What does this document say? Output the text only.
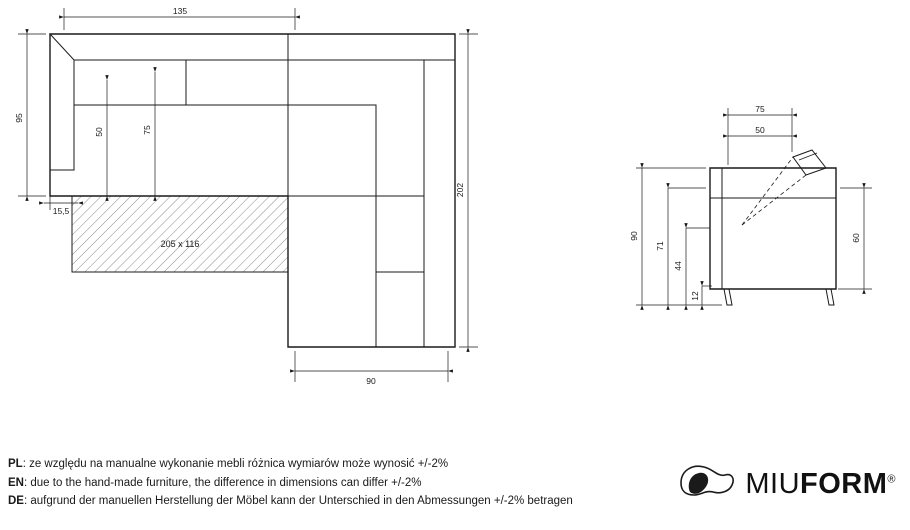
135
95
50	75
15,5
202
90
205 x 116
75
50
90
71
44
12
60
PL: ze względu na manualne wykonanie mebli różnica wymiarów może wynosić +/-2%
EN: due to the hand-made furniture, the difference in dimensions can differ +/-2%
DE: aufgrund der manuellen Herstellung der Möbel kann der Unterschied in den Abmessungen +/-2% betragen
MIUFORM®
